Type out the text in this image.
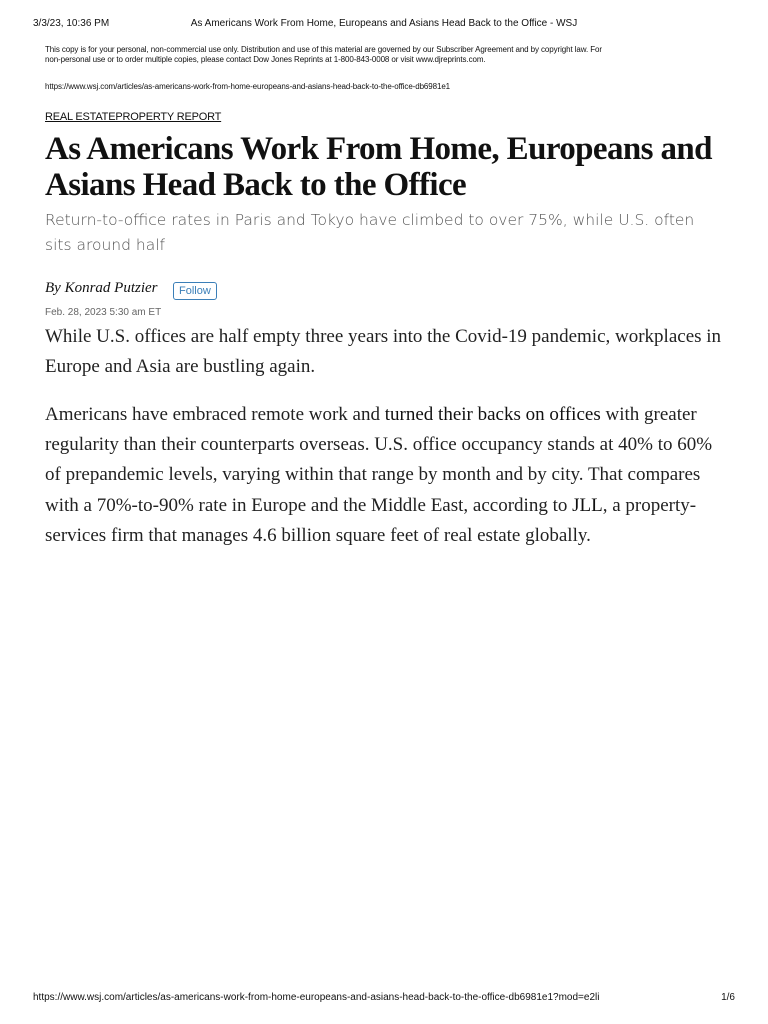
3/3/23, 10:36 PM	As Americans Work From Home, Europeans and Asians Head Back to the Office - WSJ
This copy is for your personal, non-commercial use only. Distribution and use of this material are governed by our Subscriber Agreement and by copyright law. For
non-personal use or to order multiple copies, please contact Dow Jones Reprints at 1-800-843-0008 or visit www.djreprints.com.
https://www.wsj.com/articles/as-americans-work-from-home-europeans-and-asians-head-back-to-the-office-db6981e1
REAL ESTATEPROPERTY REPORT
As Americans Work From Home, Europeans and
Asians Head Back to the Office

Return-to-office rates in Paris and Tokyo have climbed to over 75%, while U.S. often sits around half

By Konrad Putzier	Follow
Feb. 28, 2023 5:30 am ET

While U.S. offices are half empty three years into the Covid-19 pandemic, workplaces in Europe and Asia are bustling again.

Americans have embraced remote work and turned their backs on offices with greater regularity than their counterparts overseas. U.S. office occupancy stands at 40% to 60% of prepandemic levels, varying within that range by month and by city. That compares with a 70%-to-90% rate in Europe and the Middle East, according to JLL, a property-services firm that manages 4.6 billion square feet of real estate globally.

https://www.wsj.com/articles/as-americans-work-from-home-europeans-and-asians-head-back-to-the-office-db6981e1?mod=e2li	1/6
